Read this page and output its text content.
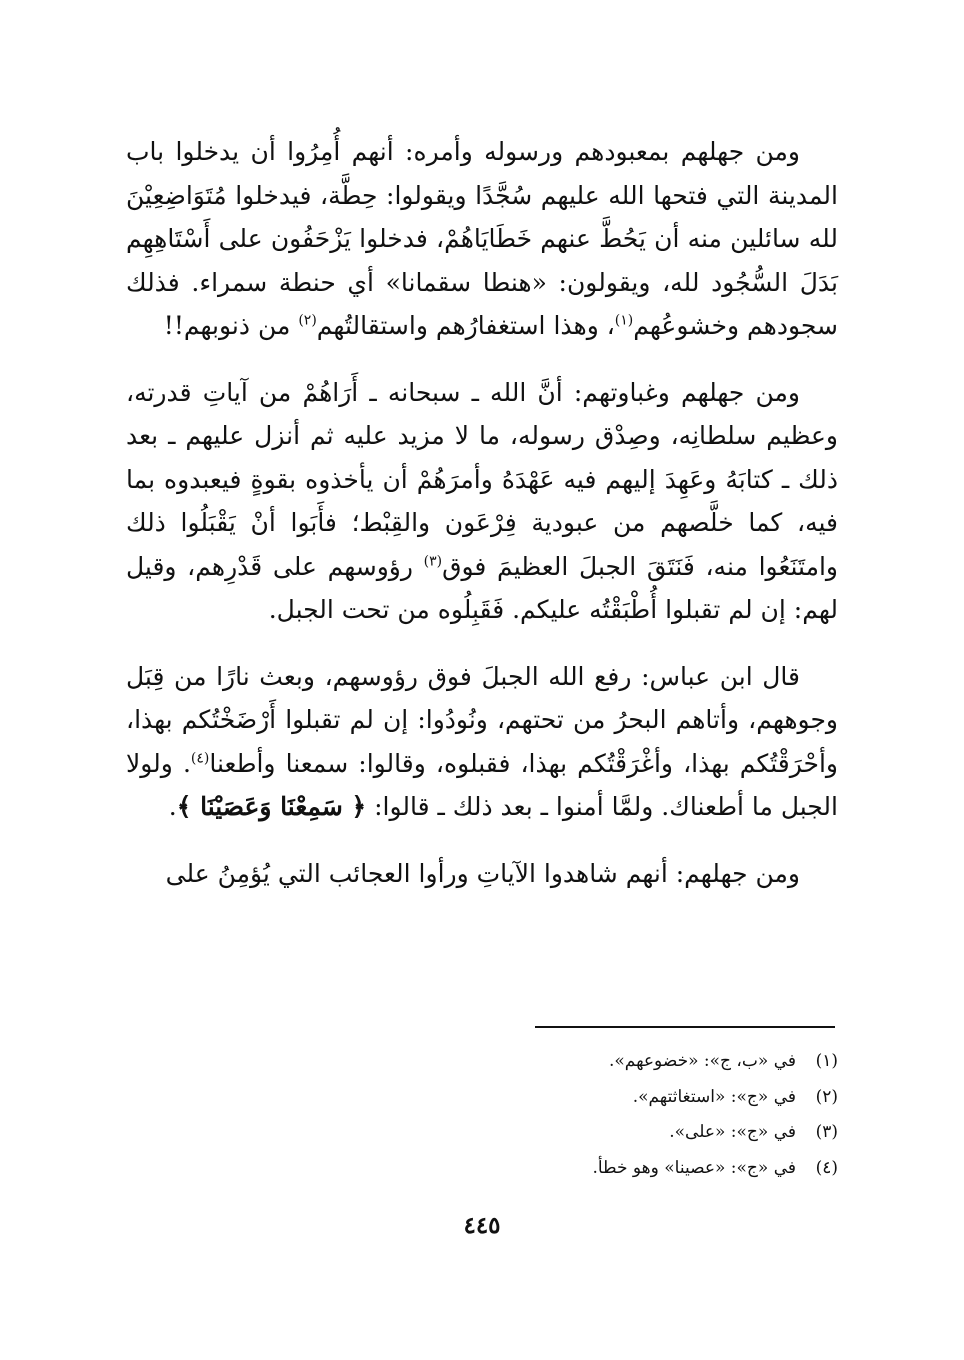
ومن جهلهم بمعبودهم ورسوله وأمره: أنهم أُمِرُوا أن يدخلوا باب المدينة التي فتحها الله عليهم سُجَّدًا ويقولوا: حِطَّة، فيدخلوا مُتَوَاضِعِيْنَ لله سائلين منه أن يَحُطَّ عنهم خَطَايَاهُمْ، فدخلوا يَزْحَفُون على أَسْتَاهِهِم بَدَلَ السُّجُود لله، ويقولون: «هنطا سقمانا» أي حنطة سمراء. فذلك سجودهم وخشوعُهم$^{(١)}$، وهذا استغفارُهم واستقالتُهم$^{(٢)}$ من ذنوبهم!!

ومن جهلهم وغباوتهم: أنَّ الله ـ سبحانه ـ أَرَاهُمْ من آياتِ قدرته، وعظيم سلطانِه، وصِدْق رسوله، ما لا مزيد عليه ثم أنزل عليهم ـ بعد ذلك ـ كتابَهُ وعَهِدَ إليهم فيه عَهْدَهُ وأمرَهُمْ أن يأخذوه بقوةٍ فيعبدوه بما فيه، كما خلَّصهم من عبودية فِرْعَون والقِبْط؛ فأَبَوا أنْ يَقْبَلُوا ذلك وامتَنَعُوا منه، فَنَتَقَ الجبلَ العظيمَ فوق$^{(٣)}$ رؤوسهم على قَدْرِهم، وقيل لهم: إن لم تقبلوا أُطْبَقْتُه عليكم. فَقَبِلُوه من تحت الجبل.

قال ابن عباس: رفع الله الجبلَ فوق رؤوسهم، وبعث نارًا من قِبَل وجوههم، وأتاهم البحرُ من تحتهم، ونُودُوا: إن لم تقبلوا أَرْضَخْتُكم بهذا، وأحْرَقْتُكم بهذا، وأغْرَقْتُكم بهذا، فقبلوه، وقالوا: سمعنا وأطعنا$^{(٤)}$. ولولا الجبل ما أطعناك. ولمَّا أمنوا ـ بعد ذلك ـ قالوا: ﴿ سَمِعْنَا وَعَصَيْنَا ﴾.

ومن جهلهم: أنهم شاهدوا الآياتِ ورأوا العجائب التي يُؤمِنُ على

(١)
في «ب، ج»: «خضوعهم».
(٢)
في «ج»: «استغاثتهم».
(٣)
في «ج»: «على».
(٤)
في «ج»: «عصينا» وهو خطأ.
٤٤٥
